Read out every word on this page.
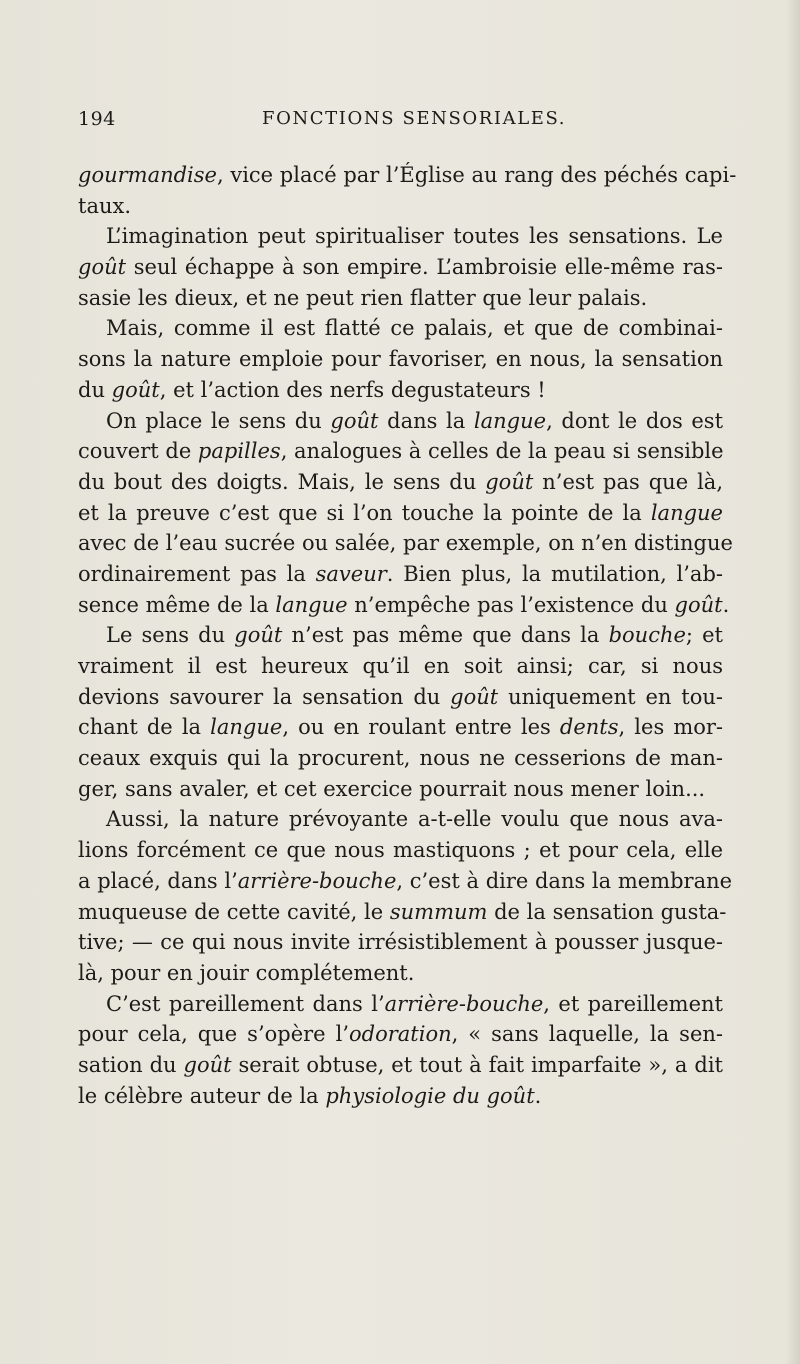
194	FONCTIONS SENSORIALES.
gourmandise, vice placé par l’Église au rang des péchés capi-
taux.
L’imagination peut spiritualiser toutes les sensations. Le
goût seul échappe à son empire. L’ambroisie elle-même ras-
sasie les dieux, et ne peut rien flatter que leur palais.
Mais, comme il est flatté ce palais, et que de combinai-
sons la nature emploie pour favoriser, en nous, la sensation
du goût, et l’action des nerfs degustateurs !
On place le sens du goût dans la langue, dont le dos est
couvert de papilles, analogues à celles de la peau si sensible
du bout des doigts. Mais, le sens du goût n’est pas que là,
et la preuve c’est que si l’on touche la pointe de la langue
avec de l’eau sucrée ou salée, par exemple, on n’en distingue
ordinairement pas la saveur. Bien plus, la mutilation, l’ab-
sence même de la langue n’empêche pas l’existence du goût.
Le sens du goût n’est pas même que dans la bouche; et
vraiment il est heureux qu’il en soit ainsi; car, si nous
devions savourer la sensation du goût uniquement en tou-
chant de la langue, ou en roulant entre les dents, les mor-
ceaux exquis qui la procurent, nous ne cesserions de man-
ger, sans avaler, et cet exercice pourrait nous mener loin...
Aussi, la nature prévoyante a-t-elle voulu que nous ava-
lions forcément ce que nous mastiquons ; et pour cela, elle
a placé, dans l’arrière-bouche, c’est à dire dans la membrane
muqueuse de cette cavité, le summum de la sensation gusta-
tive; — ce qui nous invite irrésistiblement à pousser jusque-
là, pour en jouir complétement.
C’est pareillement dans l’arrière-bouche, et pareillement
pour cela, que s’opère l’odoration, « sans laquelle, la sen-
sation du goût serait obtuse, et tout à fait imparfaite », a dit
le célèbre auteur de la physiologie du goût.
